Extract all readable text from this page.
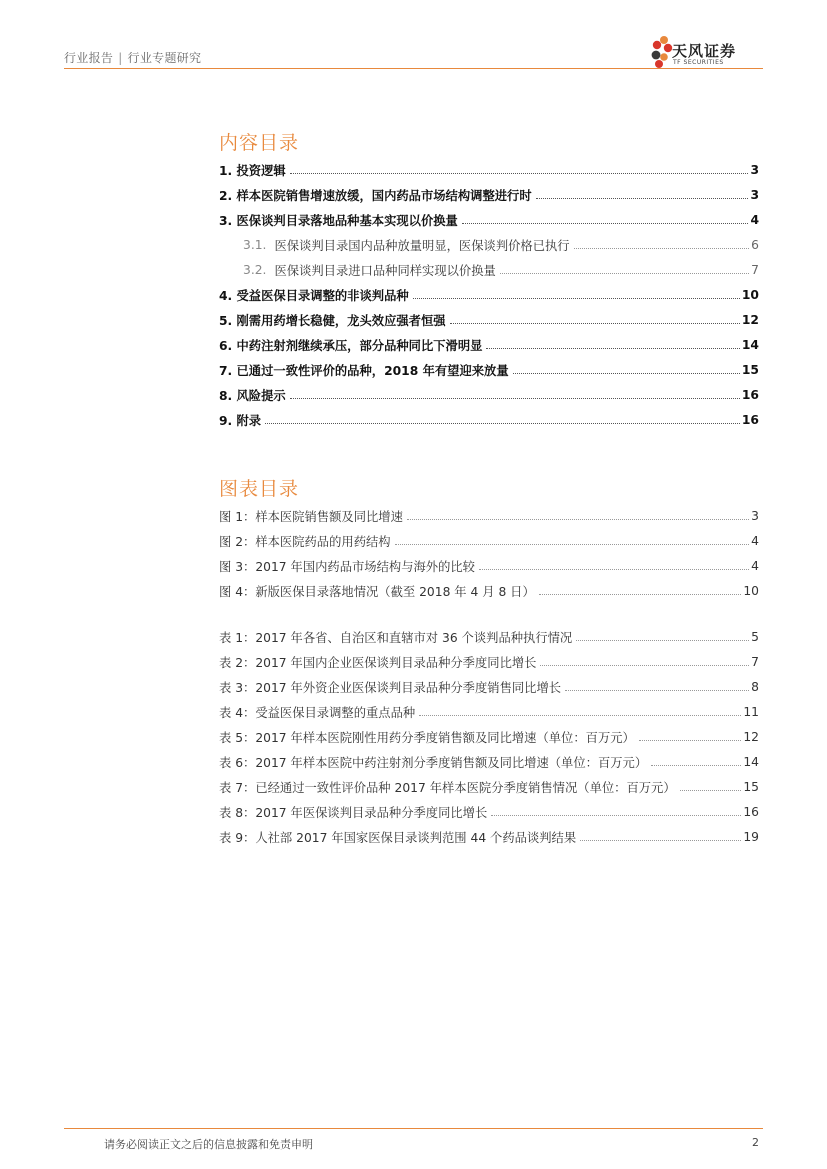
行业报告 | 行业专题研究	天风证券
TF SECURITIES
内容目录
1. 投资逻辑	3
2. 样本医院销售增速放缓，国内药品市场结构调整进行时	3
3. 医保谈判目录落地品种基本实现以价换量	4
3.1. 医保谈判目录国内品种放量明显，医保谈判价格已执行	6
3.2. 医保谈判目录进口品种同样实现以价换量	7
4. 受益医保目录调整的非谈判品种	10
5. 刚需用药增长稳健，龙头效应强者恒强	12
6. 中药注射剂继续承压，部分品种同比下滑明显	14
7. 已通过一致性评价的品种，2018 年有望迎来放量	15
8. 风险提示	16
9. 附录	16
图表目录
图 1：样本医院销售额及同比增速	3
图 2：样本医院药品的用药结构	4
图 3：2017 年国内药品市场结构与海外的比较	4
图 4：新版医保目录落地情况（截至 2018 年 4 月 8 日）	10
表 1：2017 年各省、自治区和直辖市对 36 个谈判品种执行情况	5
表 2：2017 年国内企业医保谈判目录品种分季度同比增长	7
表 3：2017 年外资企业医保谈判目录品种分季度销售同比增长	8
表 4：受益医保目录调整的重点品种	11
表 5：2017 年样本医院刚性用药分季度销售额及同比增速（单位：百万元）	12
表 6：2017 年样本医院中药注射剂分季度销售额及同比增速（单位：百万元）	14
表 7：已经通过一致性评价品种 2017 年样本医院分季度销售情况（单位：百万元）	15
表 8：2017 年医保谈判目录品种分季度同比增长	16
表 9：人社部 2017 年国家医保目录谈判范围 44 个药品谈判结果	19
请务必阅读正文之后的信息披露和免责申明	2
